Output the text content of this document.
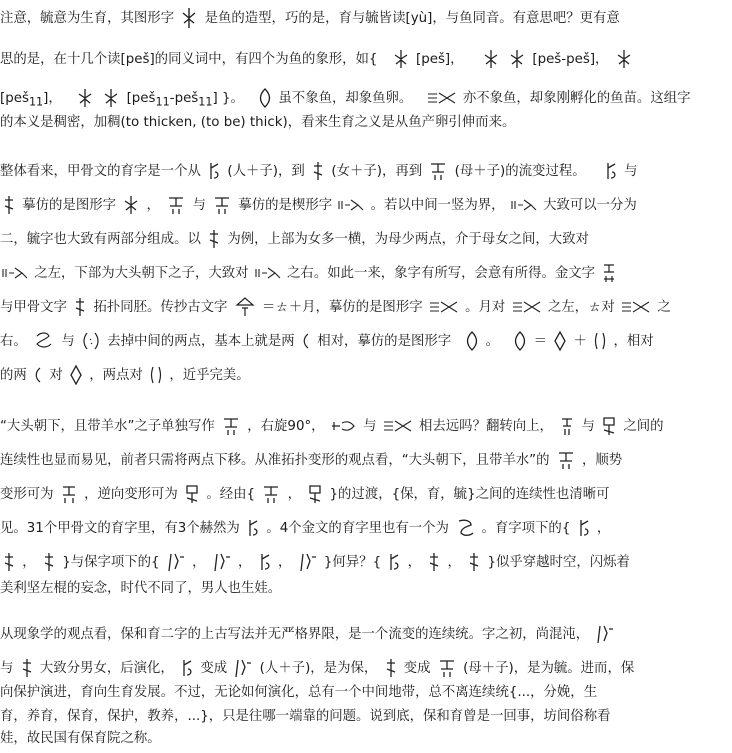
注意，毓意为生育，其图形字 是鱼的造型，巧的是，育与毓皆读[yù]，与鱼同音。有意思吧？更有意
思的是，在十几个读[peš]的同义词中，有四个为鱼的象形，如{	[peš]，
	[peš-peš]，
[peš$_{11}$]，
	[peš$_{11}$-peš$_{11}$] }。	虽不象鱼，却象鱼卵。	亦不象鱼，却象刚孵化的鱼苗。这组字
的本义是稠密，加稠(to thicken, (to be) thick)，看来生育之义是从鱼产卵引伸而来。
整体看来，甲骨文的育字是一个从 (人＋子)，到 (女＋子)，再到 (母＋子)的流变过程。	与
摹仿的是图形字 ， 与 摹仿的是楔形字	。若以中间一竖为界，	大致可以一分为
二，毓字也大致有两部分组成。以 为例，上部为女多一横，为母少两点，介于母女之间，大致对
之左，下部为大头朝下之子，大致对	之右。如此一来，象字有所写，会意有所得。金文字
与甲骨文字 拓扑同胚。传抄古文字	＝ㄊ＋月，摹仿的是图形字	。月对	之左，ㄊ对	之
右。	与 去掉中间的两点，基本上就是两 相对，摹仿的是图形字	。	＝ ＋ ，相对
的两 对 ，两点对 ，近乎完美。
“大头朝下，且带羊水”之子单独写作 ，右旋90°，	与	相去远吗？翻转向上， 与 之间的
连续性也显而易见，前者只需将两点下移。从准拓扑变形的观点看，“大头朝下，且带羊水”的 ，顺势
变形可为 ，逆向变形可为 。经由{ ， }的过渡，{保，育，毓}之间的连续性也清晰可
见。31个甲骨文的育字里，有3个赫然为 。4个金文的育字里也有一个为 。育字项下的{ ，
， }与保字项下的{ ， ， ， }何异？{ ， ， }似乎穿越时空，闪烁着
美利坚左棍的妄念，时代不同了，男人也生娃。
从现象学的观点看，保和育二字的上古写法并无严格界限，是一个流变的连续统。字之初，尚混沌，
与 大致分男女，后演化， 变成 (人＋子)，是为保， 变成 (母＋子)，是为毓。进而，保
向保护演进，育向生育发展。不过，无论如何演化，总有一个中间地带，总不离连续统{...，分娩，生
育，养育，保育，保护，教养，...}，只是往哪一端靠的问题。说到底，保和育曾是一回事，坊间俗称看
娃，故民国有保育院之称。
